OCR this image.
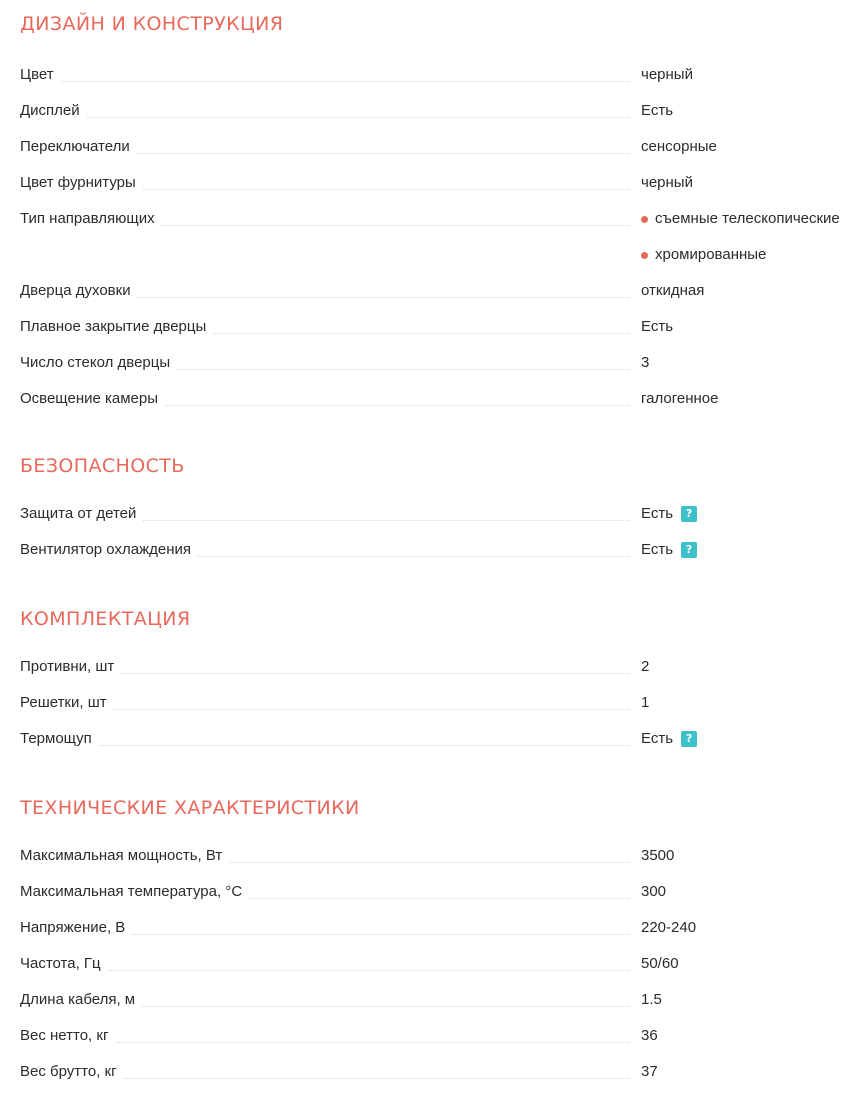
ДИЗАЙН И КОНСТРУКЦИЯ
Цвет	черный
Дисплей	Есть
Переключатели	сенсорные
Цвет фурнитуры	черный
Тип направляющих	съемные телескопические
хромированные
Дверца духовки	откидная
Плавное закрытие дверцы	Есть
Число стекол дверцы	3
Освещение камеры	галогенное
БЕЗОПАСНОСТЬ
Защита от детей	Есть ?
Вентилятор охлаждения	Есть ?
КОМПЛЕКТАЦИЯ
Противни, шт	2
Решетки, шт	1
Термощуп	Есть ?
ТЕХНИЧЕСКИЕ ХАРАКТЕРИСТИКИ
Максимальная мощность, Вт	3500
Максимальная температура, °С	300
Напряжение, В	220-240
Частота, Гц	50/60
Длина кабеля, м	1.5
Вес нетто, кг	36
Вес брутто, кг	37
